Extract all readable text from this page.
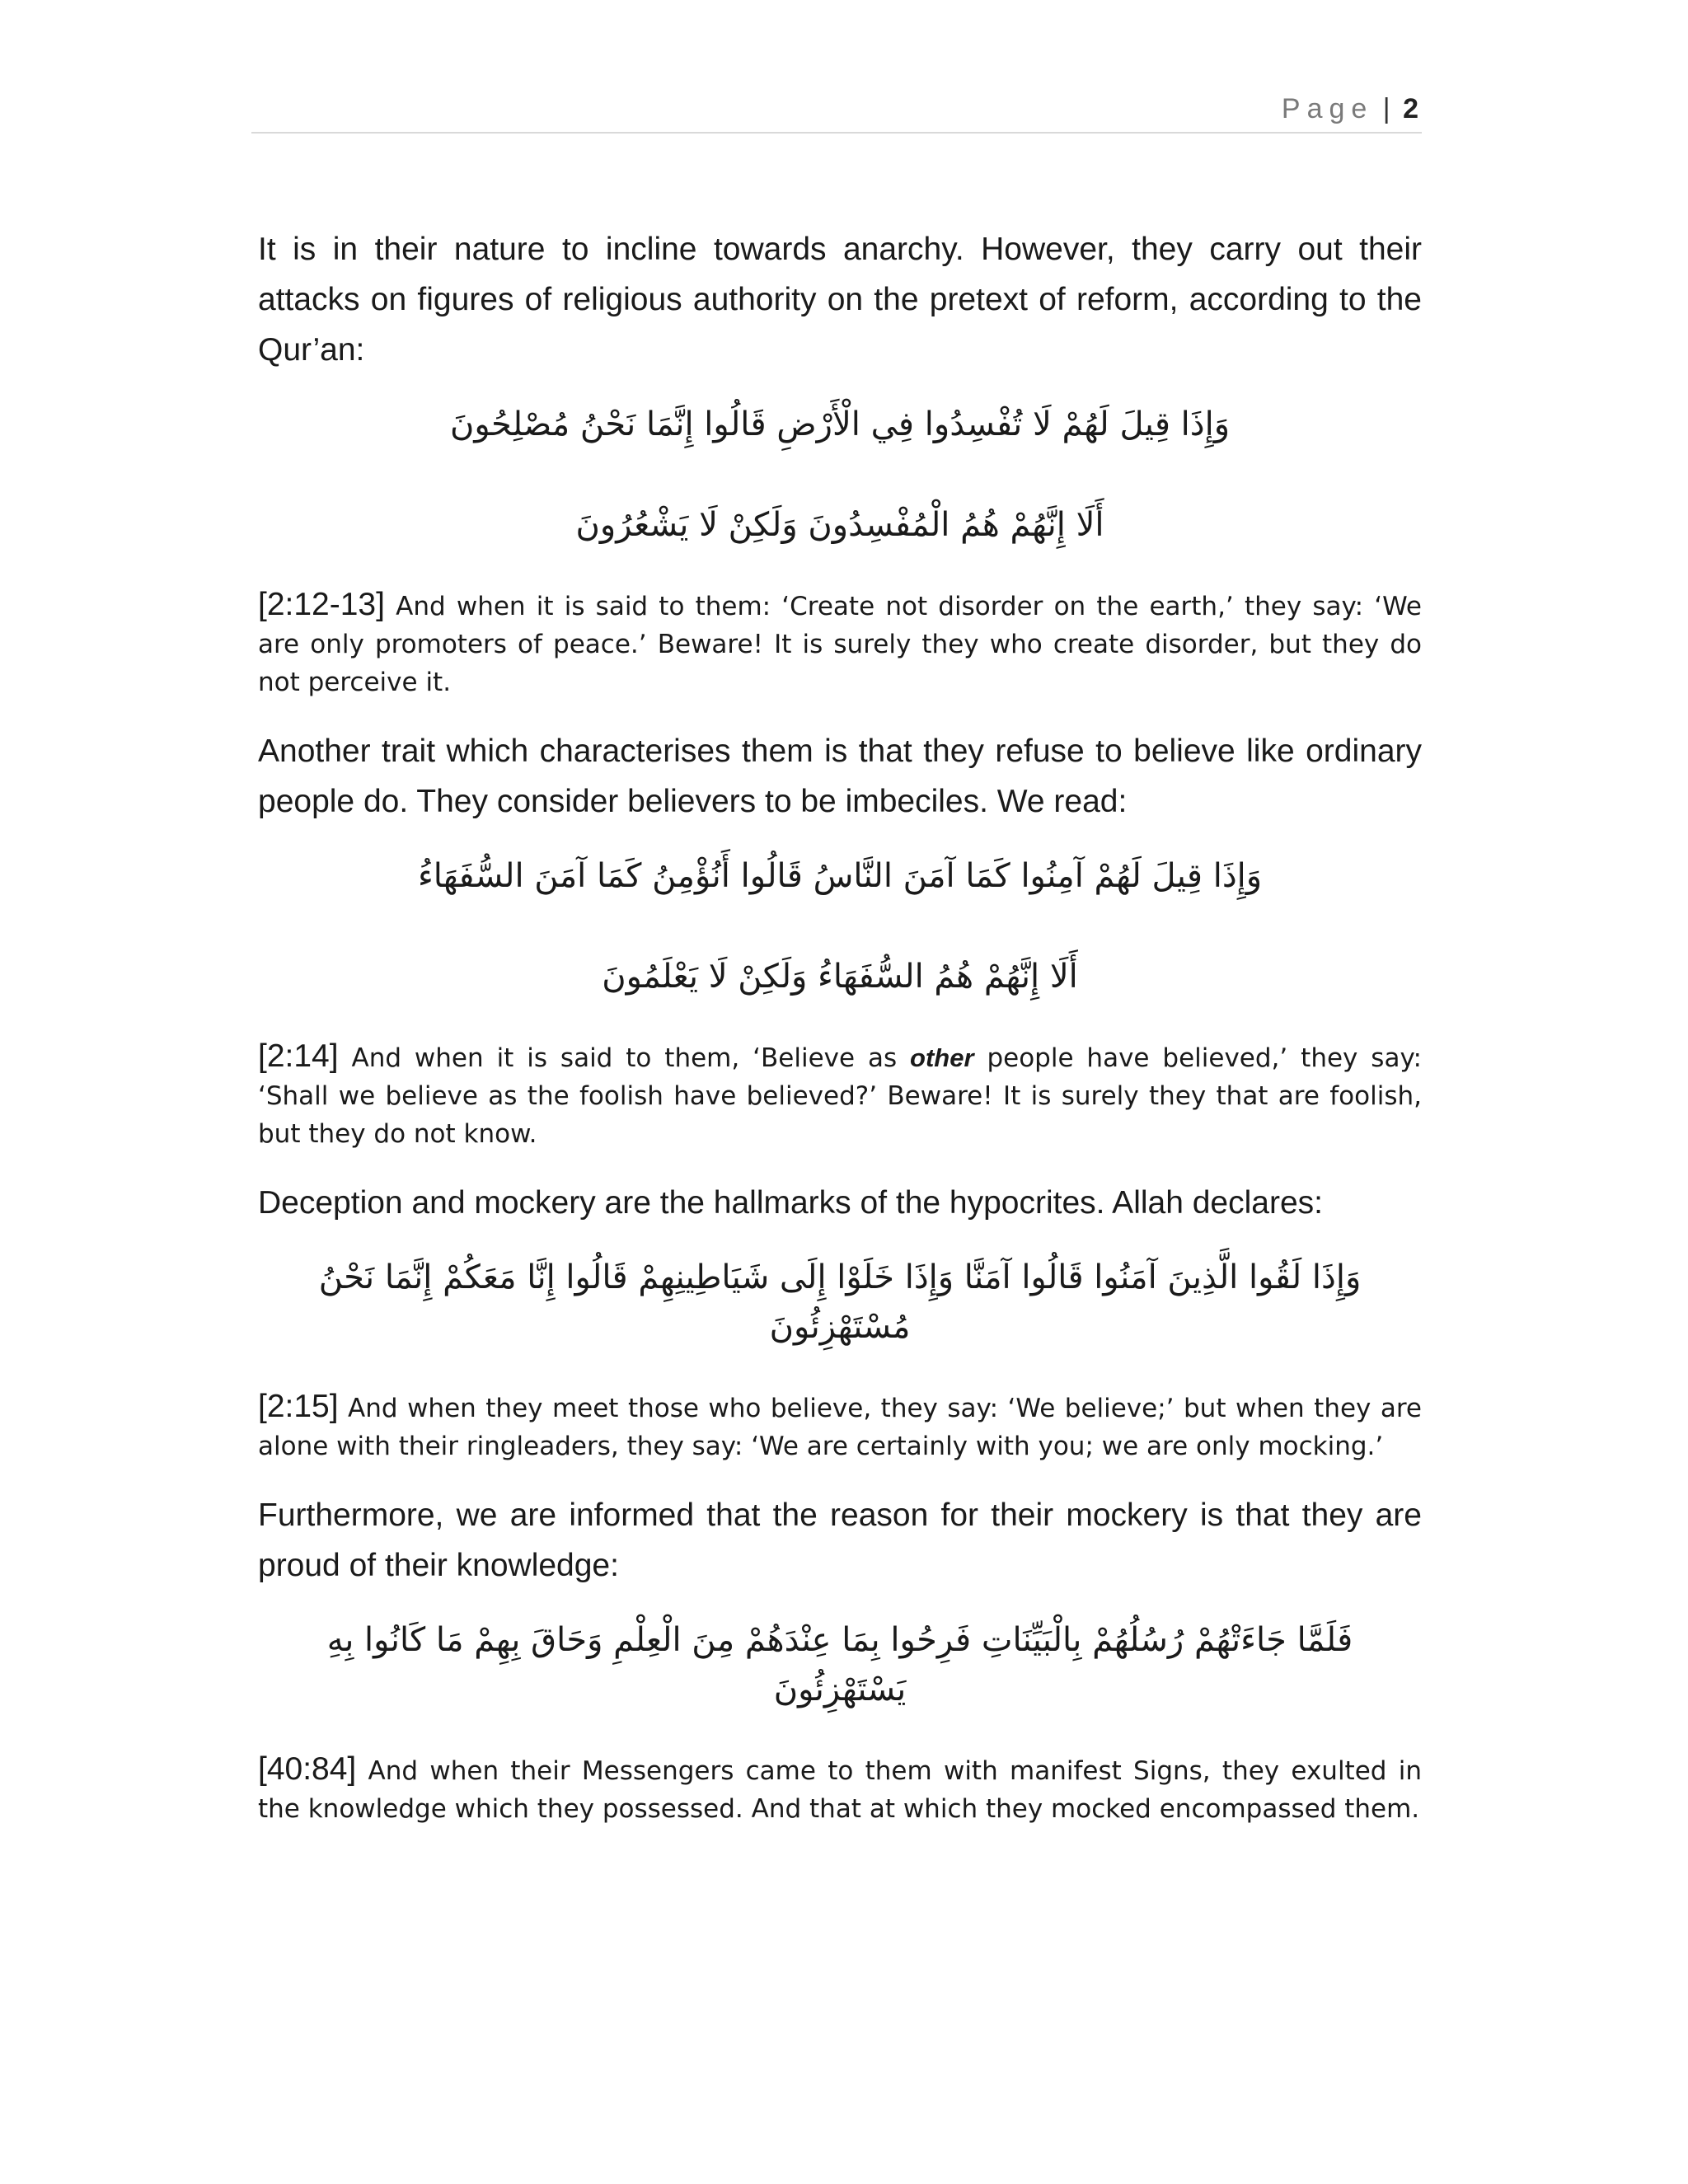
Page | 2

It is in their nature to incline towards anarchy. However, they carry out their attacks on figures of religious authority on the pretext of reform, according to the Qur’an:

وَإِذَا قِيلَ لَهُمْ لَا تُفْسِدُوا فِي الْأَرْضِ قَالُوا إِنَّمَا نَحْنُ مُصْلِحُونَ

أَلَا إِنَّهُمْ هُمُ الْمُفْسِدُونَ وَلَكِنْ لَا يَشْعُرُونَ

[2:12-13] And when it is said to them: ‘Create not disorder on the earth,’ they say: ‘We are only promoters of peace.’ Beware! It is surely they who create disorder, but they do not perceive it.

Another trait which characterises them is that they refuse to believe like ordinary people do. They consider believers to be imbeciles. We read:

وَإِذَا قِيلَ لَهُمْ آمِنُوا كَمَا آمَنَ النَّاسُ قَالُوا أَنُؤْمِنُ كَمَا آمَنَ السُّفَهَاءُ

أَلَا إِنَّهُمْ هُمُ السُّفَهَاءُ وَلَكِنْ لَا يَعْلَمُونَ

[2:14] And when it is said to them, ‘Believe as other people have believed,’ they say: ‘Shall we believe as the foolish have believed?’ Beware! It is surely they that are foolish, but they do not know.

Deception and mockery are the hallmarks of the hypocrites. Allah declares:

وَإِذَا لَقُوا الَّذِينَ آمَنُوا قَالُوا آمَنَّا وَإِذَا خَلَوْا إِلَى شَيَاطِينِهِمْ قَالُوا إِنَّا مَعَكُمْ إِنَّمَا نَحْنُ مُسْتَهْزِئُونَ

[2:15] And when they meet those who believe, they say: ‘We believe;’ but when they are alone with their ringleaders, they say: ‘We are certainly with you; we are only mocking.’

Furthermore, we are informed that the reason for their mockery is that they are proud of their knowledge:

فَلَمَّا جَاءَتْهُمْ رُسُلُهُمْ بِالْبَيِّنَاتِ فَرِحُوا بِمَا عِنْدَهُمْ مِنَ الْعِلْمِ وَحَاقَ بِهِمْ مَا كَانُوا بِهِ يَسْتَهْزِئُونَ

[40:84] And when their Messengers came to them with manifest Signs, they exulted in the knowledge which they possessed. And that at which they mocked encompassed them.
